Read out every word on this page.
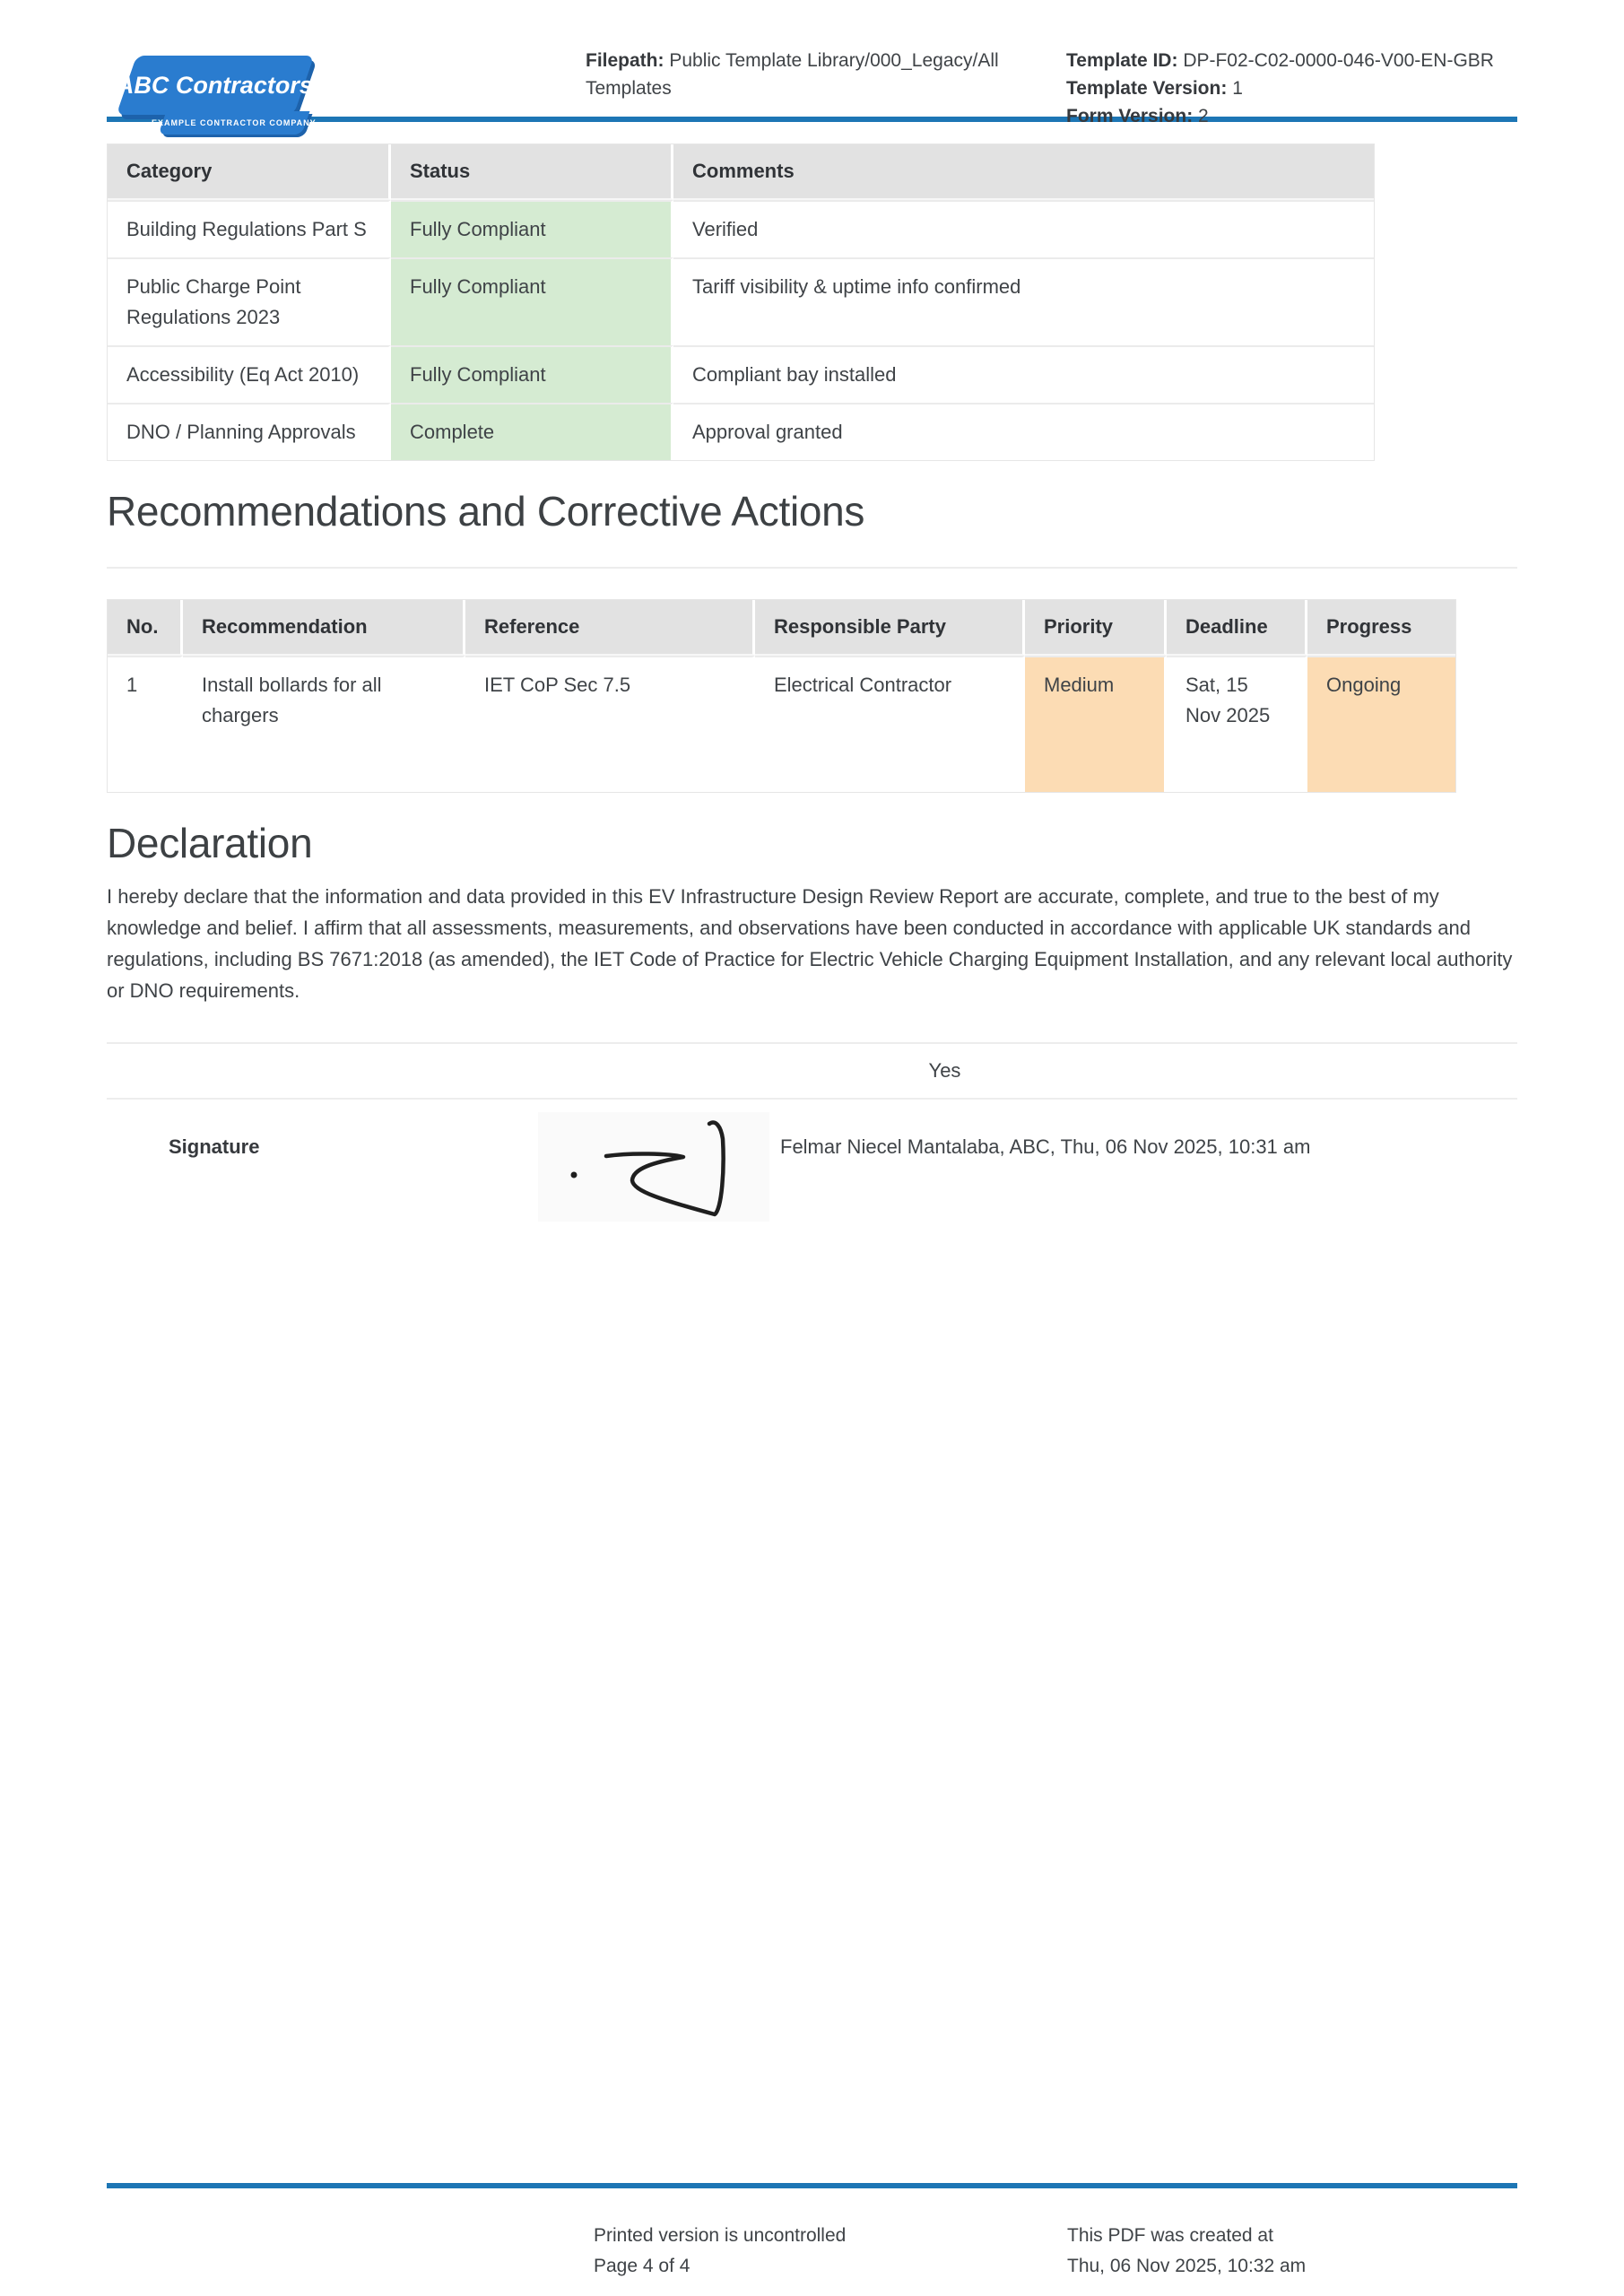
ABC Contractors
EXAMPLE CONTRACTOR COMPANY
Filepath: Public Template Library/000_Legacy/All Templates
Template ID: DP-F02-C02-0000-046-V00-EN-GBR
Template Version: 1
Form Version: 2
Category	Status	Comments
Building Regulations Part S	Fully Compliant	Verified
Public Charge Point Regulations 2023	Fully Compliant	Tariff visibility & uptime info confirmed
Accessibility (Eq Act 2010)	Fully Compliant	Compliant bay installed
DNO / Planning Approvals	Complete	Approval granted
Recommendations and Corrective Actions
No.	Recommendation	Reference	Responsible Party	Priority	Deadline	Progress
1	Install bollards for all chargers	IET CoP Sec 7.5	Electrical Contractor	Medium	Sat, 15 Nov 2025	Ongoing
Declaration

I hereby declare that the information and data provided in this EV Infrastructure Design Review Report are accurate, complete, and true to the best of my knowledge and belief. I affirm that all assessments, measurements, and observations have been conducted in accordance with applicable UK standards and regulations, including BS 7671:2018 (as amended), the IET Code of Practice for Electric Vehicle Charging Equipment Installation, and any relevant local authority or DNO requirements.

Yes
Signature	Felmar Niecel Mantalaba, ABC, Thu, 06 Nov 2025, 10:31 am
Printed version is uncontrolled
Page 4 of 4
This PDF was created at
Thu, 06 Nov 2025, 10:32 am
